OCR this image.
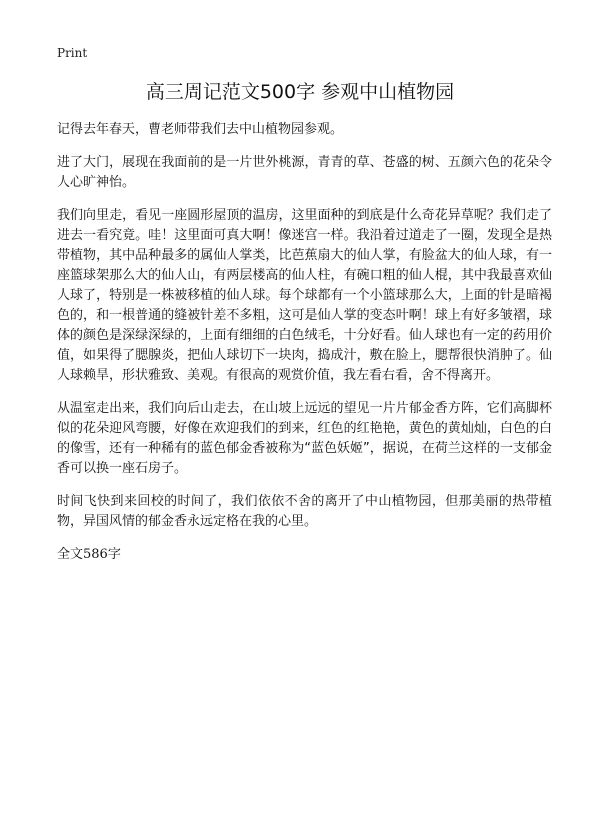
Print
高三周记范文500字 参观中山植物园

记得去年春天，曹老师带我们去中山植物园参观。

进了大门，展现在我面前的是一片世外桃源，青青的草、苍盛的树、五颜六色的花朵令人心旷神怡。

我们向里走，看见一座圆形屋顶的温房，这里面种的到底是什么奇花异草呢？我们走了进去一看究竟。哇！这里面可真大啊！像迷宫一样。我沿着过道走了一圈，发现全是热带植物，其中品种最多的属仙人掌类，比芭蕉扇大的仙人掌，有脸盆大的仙人球，有一座篮球架那么大的仙人山，有两层楼高的仙人柱，有碗口粗的仙人棍，其中我最喜欢仙人球了，特别是一株被移植的仙人球。每个球都有一个小篮球那么大，上面的针是暗褐色的，和一根普通的缝被针差不多粗，这可是仙人掌的变态叶啊！球上有好多皱褶，球体的颜色是深绿深绿的，上面有细细的白色绒毛，十分好看。仙人球也有一定的药用价值，如果得了腮腺炎，把仙人球切下一块肉，捣成汁，敷在脸上，腮帮很快消肿了。仙人球赖旱，形状雅致、美观。有很高的观赏价值，我左看右看，舍不得离开。

从温室走出来，我们向后山走去，在山坡上远远的望见一片片郁金香方阵，它们高脚杯似的花朵迎风弯腰，好像在欢迎我们的到来，红色的红艳艳，黄色的黄灿灿，白色的白的像雪，还有一种稀有的蓝色郁金香被称为“蓝色妖姬”，据说，在荷兰这样的一支郁金香可以换一座石房子。

时间飞快到来回校的时间了，我们依依不舍的离开了中山植物园，但那美丽的热带植物，异国风情的郁金香永远定格在我的心里。

全文586字
